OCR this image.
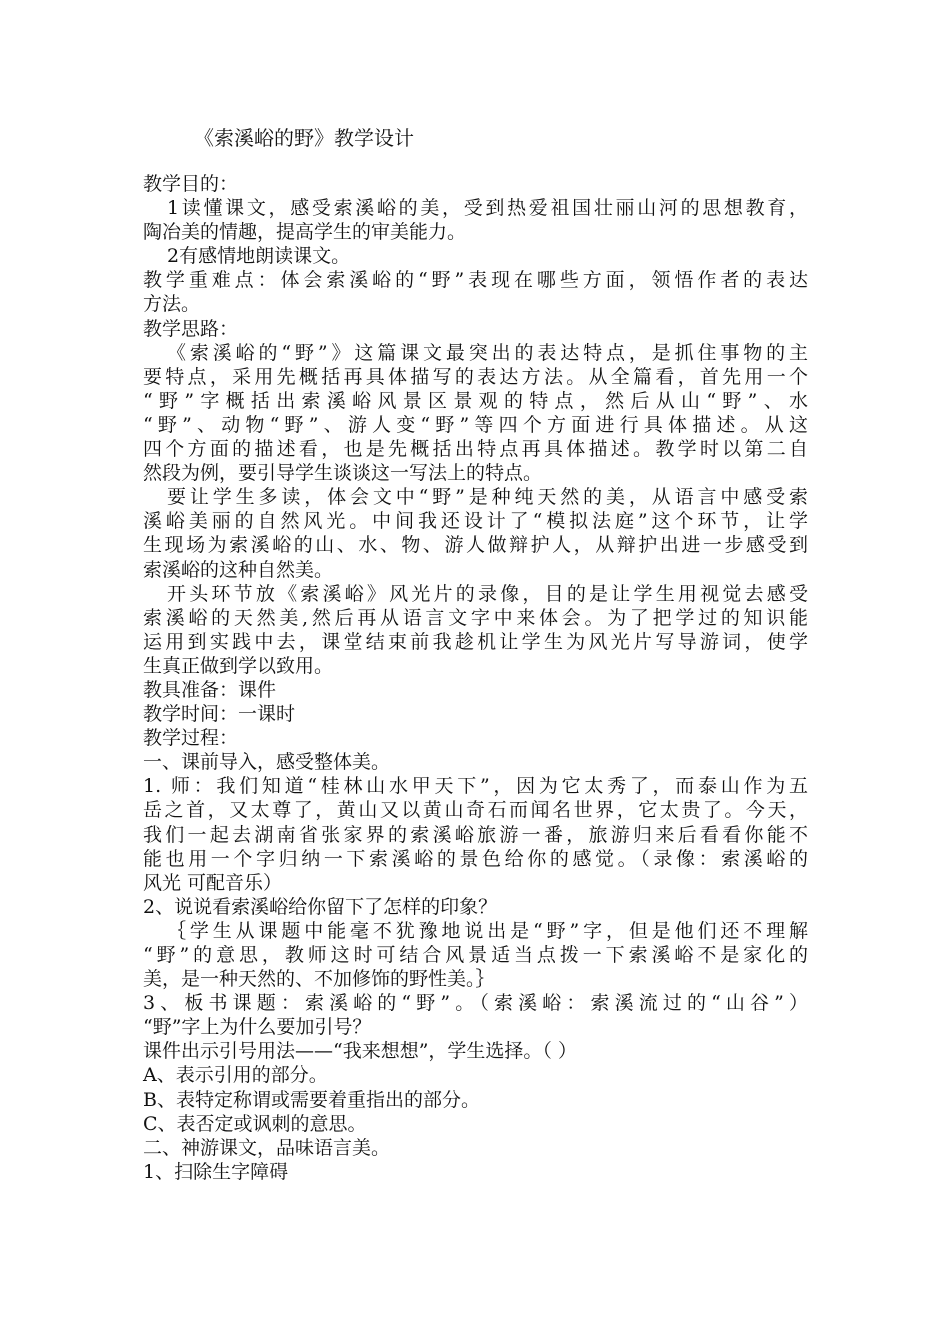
《索溪峪的野》教学设计
教学目的：
1读懂课文，感受索溪峪的美，受到热爱祖国壮丽山河的思想教育，
陶冶美的情趣，提高学生的审美能力。
2有感情地朗读课文。
教学重难点：体会索溪峪的“野”表现在哪些方面，领悟作者的表达
方法。
教学思路：
《索溪峪的“野”》这篇课文最突出的表达特点，是抓住事物的主
要特点，采用先概括再具体描写的表达方法。从全篇看，首先用一个
“野”字概括出索溪峪风景区景观的特点，然后从山“野”、水
“野”、动物“野”、游人变“野”等四个方面进行具体描述。从这
四个方面的描述看，也是先概括出特点再具体描述。教学时以第二自
然段为例，要引导学生谈谈这一写法上的特点。
要让学生多读，体会文中“野”是种纯天然的美，从语言中感受索
溪峪美丽的自然风光。中间我还设计了“模拟法庭”这个环节，让学
生现场为索溪峪的山、水、物、游人做辩护人，从辩护出进一步感受到
索溪峪的这种自然美。
开头环节放《索溪峪》风光片的录像，目的是让学生用视觉去感受
索溪峪的天然美,然后再从语言文字中来体会。为了把学过的知识能
运用到实践中去，课堂结束前我趁机让学生为风光片写导游词，使学
生真正做到学以致用。
教具准备：课件
教学时间：一课时
教学过程：
一、课前导入，感受整体美。
1. 师：我们知道“桂林山水甲天下”，因为它太秀了，而泰山作为五
岳之首，又太尊了，黄山又以黄山奇石而闻名世界，它太贵了。今天，
我们一起去湖南省张家界的索溪峪旅游一番，旅游归来后看看你能不
能也用一个字归纳一下索溪峪的景色给你的感觉。（录像：索溪峪的
风光 可配音乐）
2、说说看索溪峪给你留下了怎样的印象？
｛学生从课题中能毫不犹豫地说出是“野”字，但是他们还不理解
“野”的意思，教师这时可结合风景适当点拨一下索溪峪不是家化的
美，是一种天然的、不加修饰的野性美。｝
3、板书课题：索溪峪的“野”。（索溪峪：索溪流过的“山谷”）
“野”字上为什么要加引号？
课件出示引号用法——“我来想想”，学生选择。（ ）
A、表示引用的部分。
B、表特定称谓或需要着重指出的部分。
C、表否定或讽刺的意思。
二、神游课文，品味语言美。
1、扫除生字障碍
